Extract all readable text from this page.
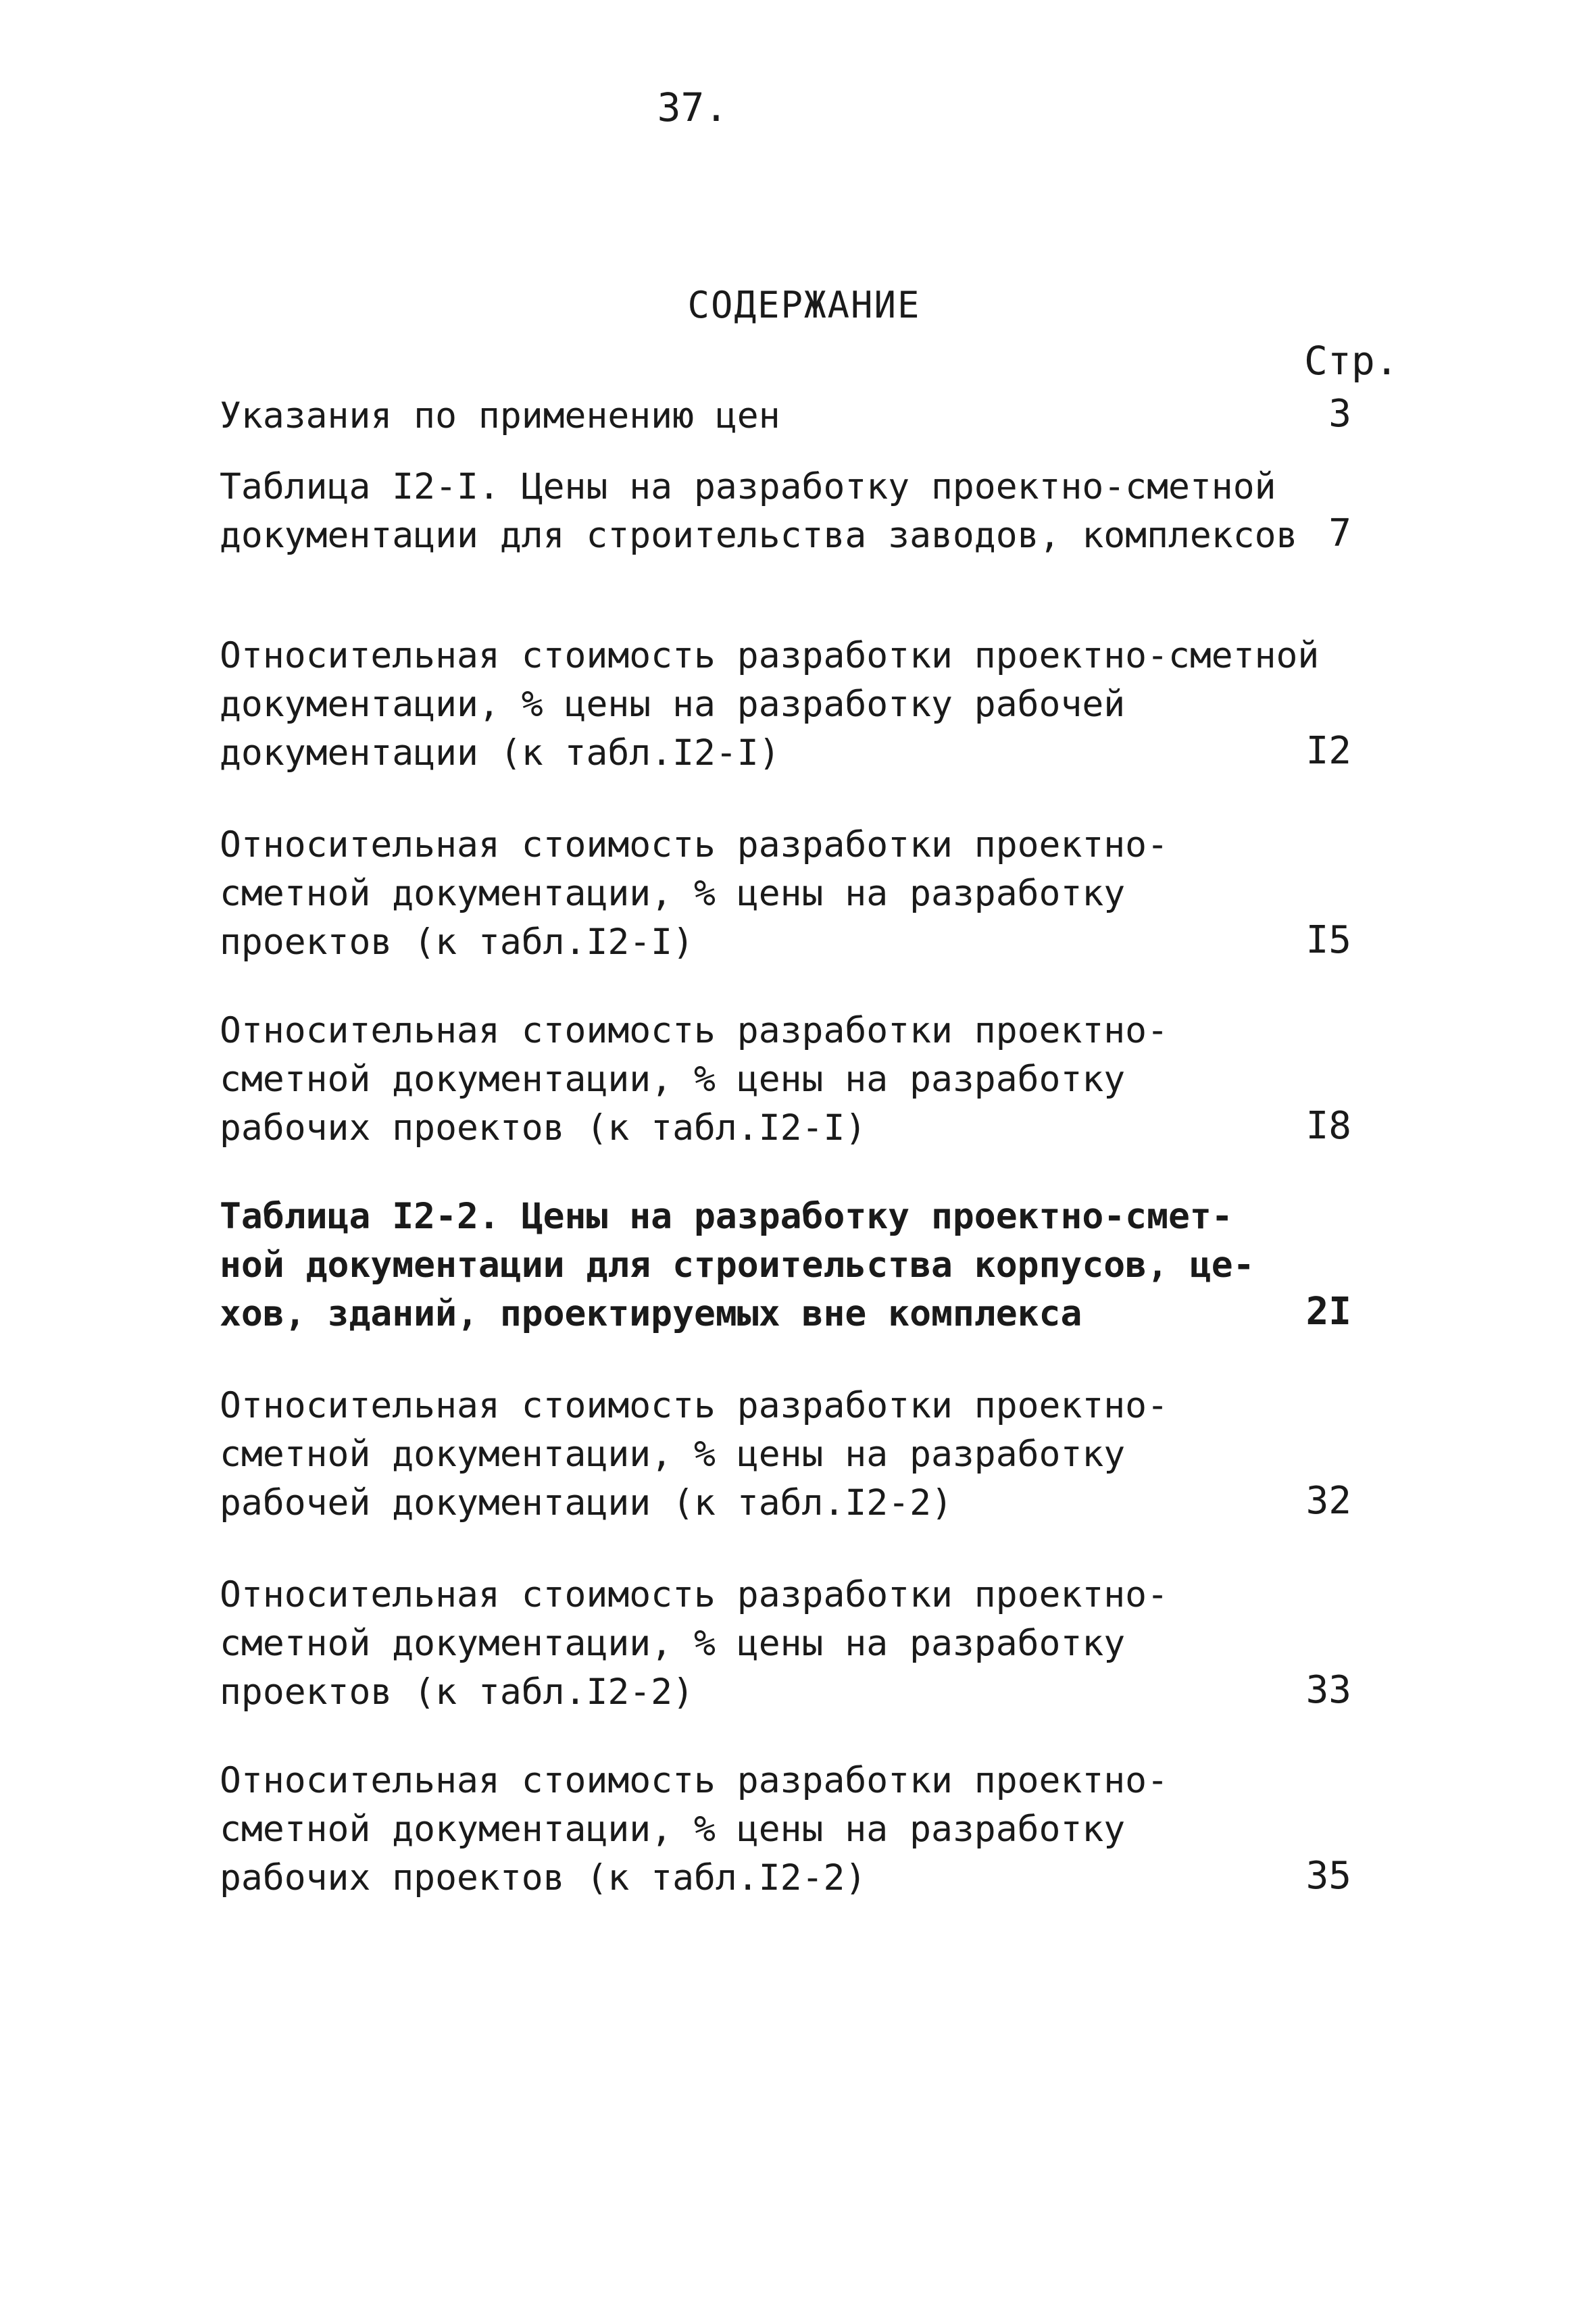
37.
СОДЕРЖАНИЕ
Стр.
Указания по применению цен	3
Таблица I2-I. Цены на разработку проектно-сметной
документации для строительства заводов, комплексов 7
Относительная стоимость разработки проектно-сметной
документации, % цены на разработку рабочей
документации (к табл.I2-I)	I2
Относительная стоимость разработки проектно-
сметной документации, % цены на разработку
проектов (к табл.I2-I)	I5
Относительная стоимость разработки проектно-
сметной документации, % цены на разработку
рабочих проектов (к табл.I2-I)	I8
Таблица I2-2. Цены на разработку проектно-смет-
ной документации для строительства корпусов, це-
хов, зданий, проектируемых вне комплекса	2I
Относительная стоимость разработки проектно-
сметной документации, % цены на разработку
рабочей документации (к табл.I2-2)	32
Относительная стоимость разработки проектно-
сметной документации, % цены на разработку
проектов (к табл.I2-2)	33
Относительная стоимость разработки проектно-
сметной документации, % цены на разработку
рабочих проектов (к табл.I2-2)	35
